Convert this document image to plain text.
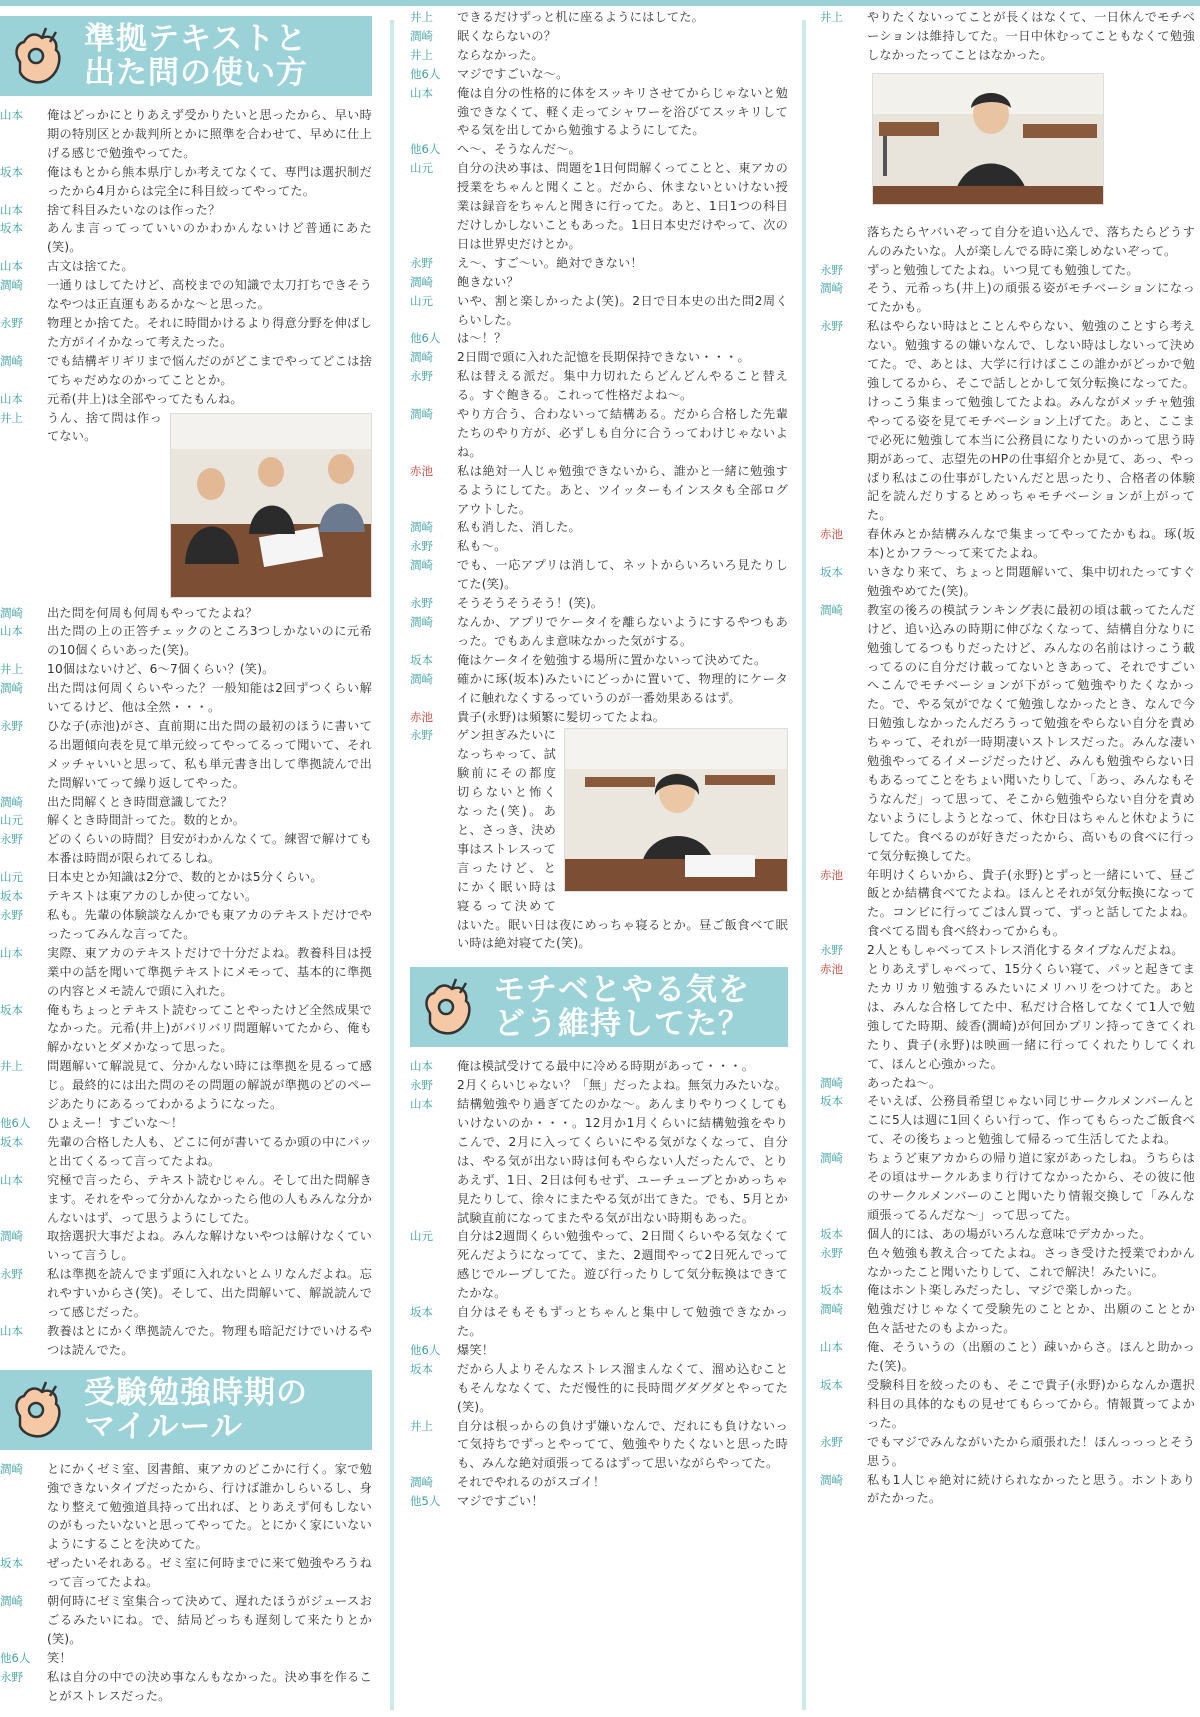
準拠テキストと
出た問の使い方
山本	俺はどっかにとりあえず受かりたいと思ったから、早い時期の特別区とか裁判所とかに照準を合わせて、早めに仕上げる感じで勉強やってた。
坂本	俺はもとから熊本県庁しか考えてなくて、専門は選択制だったから4月からは完全に科目絞ってやってた。
山本	捨て科目みたいなのは作った？
坂本	あんま言ってっていいのかわかんないけど普通にあた(笑)。
山本	古文は捨てた。
澗崎	一通りはしてたけど、高校までの知識で太刀打ちできそうなやつは正直運もあるかな〜と思った。
永野	物理とか捨てた。それに時間かけるより得意分野を伸ばした方がイイかなって考えたった。
澗崎	でも結構ギリギリまで悩んだのがどこまでやってどこは捨てちゃだめなのかってこととか。
山本	元希(井上)は全部やってたもんね。
井上	うん、捨て問は作ってない。
澗崎	出た問を何周も何周もやってたよね？
山本	出た問の上の正答チェックのところ3つしかないのに元希の10個くらいあった(笑)。
井上	10個はないけど、6〜7個くらい？(笑)。
澗崎	出た問は何周くらいやった？一般知能は2回ずつくらい解いてるけど、他は全然・・・。
永野	ひな子(赤池)がさ、直前期に出た問の最初のほうに書いてる出題傾向表を見て単元絞ってやってるって聞いて、それメッチャいいと思って、私も単元書き出して準拠読んで出た問解いてって繰り返してやった。
澗崎	出た問解くとき時間意識してた？
山元	解くとき時間計ってた。数的とか。
永野	どのくらいの時間？目安がわかんなくて。練習で解けても本番は時間が限られてるしね。
山元	日本史とか知識は2分で、数的とかは5分くらい。
坂本	テキストは東アカのしか使ってない。
永野	私も。先輩の体験談なんかでも東アカのテキストだけでやったってみんな言ってた。
山本	実際、東アカのテキストだけで十分だよね。教養科目は授業中の話を聞いて準拠テキストにメモって、基本的に準拠の内容とメモ読んで頭に入れた。
坂本	俺もちょっとテキスト読むってことやったけど全然成果でなかった。元希(井上)がバリバリ問題解いてたから、俺も解かないとダメかなって思った。
井上	問題解いて解説見て、分かんない時には準拠を見るって感じ。最終的には出た問のその問題の解説が準拠のどのページあたりにあるってわかるようになった。
他6人	ひょえー！すごいな〜！
坂本	先輩の合格した人も、どこに何が書いてるか頭の中にパッと出てくるって言ってたよね。
山本	究極で言ったら、テキスト読むじゃん。そして出た問解きます。それをやって分かんなかったら他の人もみんな分かんないはず、って思うようにしてた。
澗崎	取捨選択大事だよね。みんな解けないやつは解けなくていいって言うし。
永野	私は準拠を読んでまず頭に入れないとムリなんだよね。忘れやすいからさ(笑)。そして、出た問解いて、解説読んでって感じだった。
山本	教養はとにかく準拠読んでた。物理も暗記だけでいけるやつは読んでた。
受験勉強時期の
マイルール
澗崎	とにかくゼミ室、図書館、東アカのどこかに行く。家で勉強できないタイプだったから、行けば誰かしらいるし、身なり整えて勉強道具持って出れば、とりあえず何もしないのがもったいないと思ってやってた。とにかく家にいないようにすることを決めてた。
坂本	ぜったいそれある。ゼミ室に何時までに来て勉強やろうねって言ってたよね。
澗崎	朝何時にゼミ室集合って決めて、遅れたほうがジュースおごるみたいにね。で、結局どっちも遅刻して来たりとか(笑)。
他6人	笑！
永野	私は自分の中での決め事なんもなかった。決め事を作ることがストレスだった。
井上	できるだけずっと机に座るようにはしてた。
澗崎	眠くならないの？
井上	ならなかった。
他6人	マジですごいな〜。
山本	俺は自分の性格的に体をスッキリさせてからじゃないと勉強できなくて、軽く走ってシャワーを浴びてスッキリしてやる気を出してから勉強するようにしてた。
他6人	へ〜、そうなんだ〜。
山元	自分の決め事は、問題を1日何問解くってことと、東アカの授業をちゃんと聞くこと。だから、休まないといけない授業は録音をちゃんと聞きに行ってた。あと、1日1つの科目だけしかしないこともあった。1日日本史だけやって、次の日は世界史だけとか。
永野	え〜、すご〜い。絶対できない！
澗崎	飽きない？
山元	いや、割と楽しかったよ(笑)。2日で日本史の出た問2周くらいした。
他6人	は〜！？
澗崎	2日間で頭に入れた記憶を長期保持できない・・・。
永野	私は替える派だ。集中力切れたらどんどんやること替える。すぐ飽きる。これって性格だよね〜。
澗崎	やり方合う、合わないって結構ある。だから合格した先輩たちのやり方が、必ずしも自分に合うってわけじゃないよね。
赤池	私は絶対一人じゃ勉強できないから、誰かと一緒に勉強するようにしてた。あと、ツイッターもインスタも全部ログアウトした。
澗崎	私も消した、消した。
永野	私も〜。
澗崎	でも、一応アプリは消して、ネットからいろいろ見たりしてた(笑)。
永野	そうそうそうそう！(笑)。
澗崎	なんか、アプリでケータイを離らないようにするやつもあった。でもあんま意味なかった気がする。
坂本	俺はケータイを勉強する場所に置かないって決めてた。
澗崎	確かに琢(坂本)みたいにどっかに置いて、物理的にケータイに触れなくするっていうのが一番効果あるはず。
赤池	貴子(永野)は頻繁に髪切ってたよね。
永野	ゲン担ぎみたいになっちゃって、試験前にその都度切らないと怖くなった(笑)。あと、さっき、決め事はストレスって言ったけど、とにかく眠い時は寝るって決めてはいた。眠い日は夜にめっちゃ寝るとか。昼ご飯食べて眠い時は絶対寝てた(笑)。
モチベとやる気を
どう維持してた？
山本	俺は模試受けてる最中に冷める時期があって・・・。
永野	2月くらいじゃない？「無」だったよね。無気力みたいな。
山本	結構勉強やり過ぎてたのかな〜。あんまりやりつくしてもいけないのか・・・。12月か1月くらいに結構勉強をやりこんで、2月に入ってくらいにやる気がなくなって、自分は、やる気が出ない時は何もやらない人だったんで、とりあえず、1日、2日は何もせず、ユーチューブとかめっちゃ見たりして、徐々にまたやる気が出てきた。でも、5月とか試験直前になってまたやる気が出ない時期もあった。
山元	自分は2週間くらい勉強やって、2日間くらいやる気なくて死んだようになってて、また、2週間やって2日死んでって感じでループしてた。遊び行ったりして気分転換はできてたかな。
坂本	自分はそもそもずっとちゃんと集中して勉強できなかった。
他6人	爆笑！
坂本	だから人よりそんなストレス溜まんなくて、溜め込むこともそんななくて、ただ慢性的に長時間グダグダとやってた(笑)。
井上	自分は根っからの負けず嫌いなんで、だれにも負けないって気持ちでずっとやってて、勉強やりたくないと思った時も、みんな絶対頑張ってるはずって思いながらやってた。
澗崎	それでやれるのがスゴイ！
他5人	マジですごい！
井上	やりたくないってことが長くはなくて、一日休んでモチベーションは維持してた。一日中休むってこともなくて勉強しなかったってことはなかった。
落ちたらヤバいぞって自分を追い込んで、落ちたらどうすんのみたいな。人が楽しんでる時に楽しめないぞって。
永野	ずっと勉強してたよね。いつ見ても勉強してた。
澗崎	そう、元希っち(井上)の頑張る姿がモチベーションになってたかも。
永野	私はやらない時はとことんやらない、勉強のことすら考えない。勉強するの嫌いなんで、しない時はしないって決めてた。で、あとは、大学に行けばここの誰かがどっかで勉強してるから、そこで話しとかして気分転換になってた。けっこう集まって勉強してたよね。みんながメッチャ勉強やってる姿を見てモチベーション上げてた。あと、ここまで必死に勉強して本当に公務員になりたいのかって思う時期があって、志望先のHPの仕事紹介とか見て、あっ、やっぱり私はこの仕事がしたいんだと思ったり、合格者の体験記を読んだりするとめっちゃモチベーションが上がってた。
赤池	春休みとか結構みんなで集まってやってたかもね。琢(坂本)とかフラ〜って来てたよね。
坂本	いきなり来て、ちょっと問題解いて、集中切れたってすぐ勉強やめてた(笑)。
澗崎	教室の後ろの模試ランキング表に最初の頃は載ってたんだけど、追い込みの時期に伸びなくなって、結構自分なりに勉強してるつもりだったけど、みんなの名前はけっこう載ってるのに自分だけ載ってないときあって、それですごいへこんでモチベーションが下がって勉強やりたくなかった。で、やる気がでなくて勉強しなかったとき、なんで今日勉強しなかったんだろうって勉強をやらない自分を責めちゃって、それが一時期凄いストレスだった。みんな凄い勉強やってるイメージだったけど、みんも勉強やらない日もあるってことをちょい聞いたりして、「あっ、みんなもそうなんだ」って思って、そこから勉強やらない自分を責めないようにしようとなって、休む日はちゃんと休むようにしてた。食べるのが好きだったから、高いもの食べに行って気分転換してた。
赤池	年明けくらいから、貴子(永野)とずっと一緒にいて、昼ご飯とか結構食べてたよね。ほんとそれが気分転換になってた。コンビに行ってごはん買って、ずっと話してたよね。食べてる間も食べ終わってからも。
永野	2人ともしゃべってストレス消化するタイプなんだよね。
赤池	とりあえずしゃべって、15分くらい寝て、パッと起きてまたカリカリ勉強するみたいにメリハリをつけてた。あとは、みんな合格してた中、私だけ合格してなくて1人で勉強してた時期、綾香(澗崎)が何回かプリン持ってきてくれたり、貴子(永野)は映画一緒に行ってくれたりしてくれて、ほんと心強かった。
澗崎	あったね〜。
坂本	そいえば、公務員希望じゃない同じサークルメンバーんとこに5人は週に1回くらい行って、作ってもらったご飯食べて、その後ちょっと勉強して帰るって生活してたよね。
澗崎	ちょうど東アカからの帰り道に家があったしね。うちらはその頃はサークルあまり行けてなかったから、その彼に他のサークルメンバーのこと聞いたり情報交換して「みんな頑張ってるんだな〜」って思ってた。
坂本	個人的には、あの場がいろんな意味でデカかった。
永野	色々勉強も教え合ってたよね。さっき受けた授業でわかんなかったこと聞いたりして、これで解決！みたいに。
坂本	俺はホント楽しみだったし、マジで楽しかった。
澗崎	勉強だけじゃなくて受験先のこととか、出願のこととか色々話せたのもよかった。
山本	俺、そういうの（出願のこと）疎いからさ。ほんと助かった(笑)。
坂本	受験科目を絞ったのも、そこで貴子(永野)からなんか選択科目の具体的なもの見せてもらってから。情報貰ってよかった。
永野	でもマジでみんながいたから頑張れた！ほんっっっとそう思う。
澗崎	私も1人じゃ絶対に続けられなかったと思う。ホントありがたかった。
